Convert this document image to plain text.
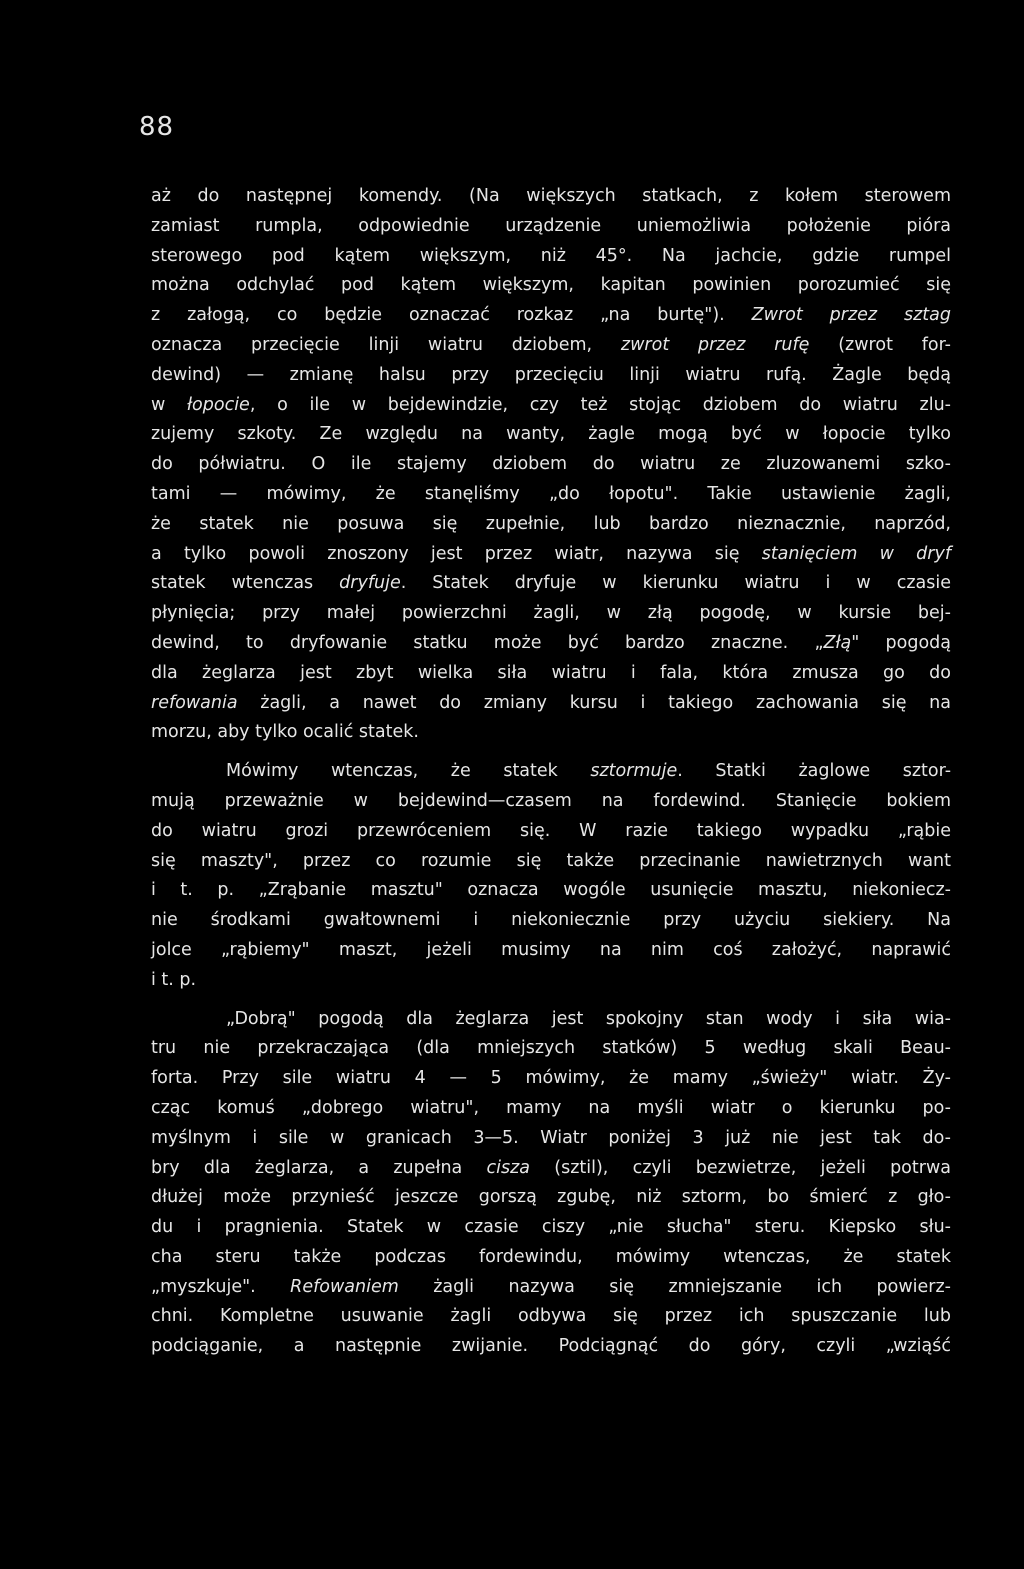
88
aż do następnej komendy. (Na większych statkach, z kołem sterowem
zamiast rumpla, odpowiednie urządzenie uniemożliwia położenie pióra
sterowego pod kątem większym, niż 45°. Na jachcie, gdzie rumpel
można odchylać pod kątem większym, kapitan powinien porozumieć się
z załogą, co będzie oznaczać rozkaz „na burtę"). Zwrot przez sztag
oznacza przecięcie linji wiatru dziobem, zwrot przez rufę (zwrot for-
dewind) — zmianę halsu przy przecięciu linji wiatru rufą. Żagle będą
w łopocie, o ile w bejdewindzie, czy też stojąc dziobem do wiatru zlu-
zujemy szkoty. Ze względu na wanty, żagle mogą być w łopocie tylko
do półwiatru. O ile stajemy dziobem do wiatru ze zluzowanemi szko-
tami — mówimy, że stanęliśmy „do łopotu". Takie ustawienie żagli,
że statek nie posuwa się zupełnie, lub bardzo nieznacznie, naprzód,
a tylko powoli znoszony jest przez wiatr, nazywa się stanięciem w dryf
statek wtenczas dryfuje. Statek dryfuje w kierunku wiatru i w czasie
płynięcia; przy małej powierzchni żagli, w złą pogodę, w kursie bej-
dewind, to dryfowanie statku może być bardzo znaczne. „Złą" pogodą
dla żeglarza jest zbyt wielka siła wiatru i fala, która zmusza go do
refowania żagli, a nawet do zmiany kursu i takiego zachowania się na
morzu, aby tylko ocalić statek.
Mówimy wtenczas, że statek sztormuje. Statki żaglowe sztor-
mują przeważnie w bejdewind—czasem na fordewind. Stanięcie bokiem
do wiatru grozi przewróceniem się. W razie takiego wypadku „rąbie
się maszty", przez co rozumie się także przecinanie nawietrznych want
i t. p. „Zrąbanie masztu" oznacza wogóle usunięcie masztu, niekoniecz-
nie środkami gwałtownemi i niekoniecznie przy użyciu siekiery. Na
jolce „rąbiemy" maszt, jeżeli musimy na nim coś założyć, naprawić
i t. p.
„Dobrą" pogodą dla żeglarza jest spokojny stan wody i siła wia-
tru nie przekraczająca (dla mniejszych statków) 5 według skali Beau-
forta. Przy sile wiatru 4 — 5 mówimy, że mamy „świeży" wiatr. Ży-
cząc komuś „dobrego wiatru", mamy na myśli wiatr o kierunku po-
myślnym i sile w granicach 3—5. Wiatr poniżej 3 już nie jest tak do-
bry dla żeglarza, a zupełna cisza (sztil), czyli bezwietrze, jeżeli potrwa
dłużej może przynieść jeszcze gorszą zgubę, niż sztorm, bo śmierć z gło-
du i pragnienia. Statek w czasie ciszy „nie słucha" steru. Kiepsko słu-
cha steru także podczas fordewindu, mówimy wtenczas, że statek
„myszkuje". Refowaniem żagli nazywa się zmniejszanie ich powierz-
chni. Kompletne usuwanie żagli odbywa się przez ich spuszczanie lub
podciąganie, a następnie zwijanie. Podciągnąć do góry, czyli „wziąść
